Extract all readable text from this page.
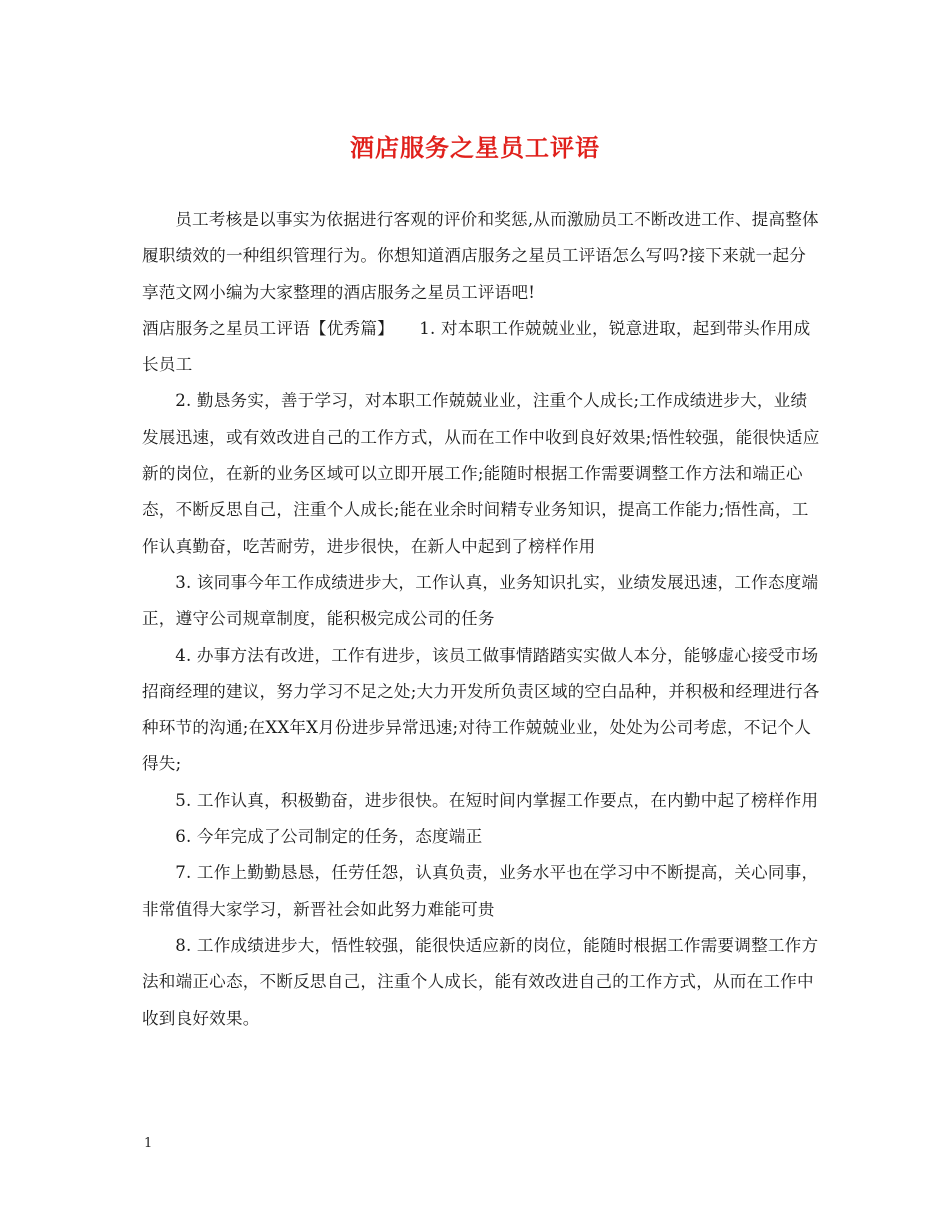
酒店服务之星员工评语

员工考核是以事实为依据进行客观的评价和奖惩,从而激励员工不断改进工作、提高整体履职绩效的一种组织管理行为。你想知道酒店服务之星员工评语怎么写吗?接下来就一起分享范文网小编为大家整理的酒店服务之星员工评语吧!

酒店服务之星员工评语【优秀篇】　　1. 对本职工作兢兢业业，锐意进取，起到带头作用成长员工

2. 勤恳务实，善于学习，对本职工作兢兢业业，注重个人成长;工作成绩进步大，业绩发展迅速，或有效改进自己的工作方式，从而在工作中收到良好效果;悟性较强，能很快适应新的岗位，在新的业务区域可以立即开展工作;能随时根据工作需要调整工作方法和端正心态，不断反思自己，注重个人成长;能在业余时间精专业务知识，提高工作能力;悟性高，工作认真勤奋，吃苦耐劳，进步很快，在新人中起到了榜样作用

3. 该同事今年工作成绩进步大，工作认真，业务知识扎实，业绩发展迅速，工作态度端正，遵守公司规章制度，能积极完成公司的任务

4. 办事方法有改进，工作有进步，该员工做事情踏踏实实做人本分，能够虚心接受市场招商经理的建议，努力学习不足之处;大力开发所负责区域的空白品种，并积极和经理进行各种环节的沟通;在XX年X月份进步异常迅速;对待工作兢兢业业，处处为公司考虑，不记个人得失;

5. 工作认真，积极勤奋，进步很快。在短时间内掌握工作要点，在内勤中起了榜样作用

6. 今年完成了公司制定的任务，态度端正

7. 工作上勤勤恳恳，任劳任怨，认真负责，业务水平也在学习中不断提高，关心同事，非常值得大家学习，新晋社会如此努力难能可贵

8. 工作成绩进步大，悟性较强，能很快适应新的岗位，能随时根据工作需要调整工作方法和端正心态，不断反思自己，注重个人成长，能有效改进自己的工作方式，从而在工作中收到良好效果。

1
